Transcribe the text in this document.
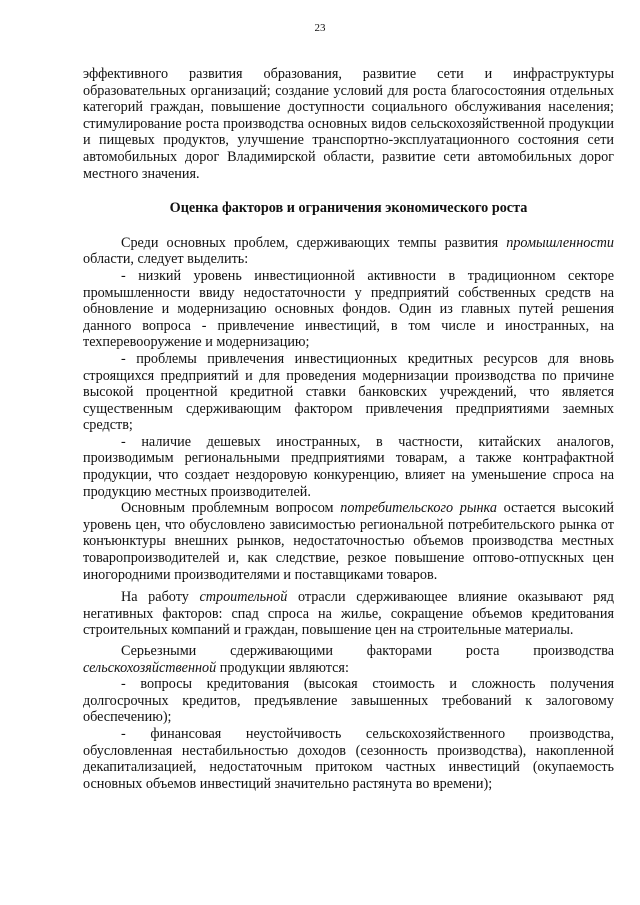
23

эффективного развития образования, развитие сети и инфраструктуры образовательных организаций; создание условий для роста благосостояния отдельных категорий граждан, повышение доступности социального обслуживания населения; стимулирование роста производства основных видов сельскохозяйственной продукции и пищевых продуктов, улучшение транспортно-эксплуатационного состояния сети автомобильных дорог Владимирской области, развитие сети автомобильных дорог местного значения.

Оценка факторов и ограничения экономического роста

Среди основных проблем, сдерживающих темпы развития промышленности области, следует выделить:

- низкий уровень инвестиционной активности в традиционном секторе промышленности ввиду недостаточности у предприятий собственных средств на обновление и модернизацию основных фондов. Один из главных путей решения данного вопроса - привлечение инвестиций, в том числе и иностранных, на техперевооружение и модернизацию;

- проблемы привлечения инвестиционных кредитных ресурсов для вновь строящихся предприятий и для проведения модернизации производства по причине высокой процентной кредитной ставки банковских учреждений, что является существенным сдерживающим фактором привлечения предприятиями заемных средств;

- наличие дешевых иностранных, в частности, китайских аналогов, производимым региональными предприятиями товарам, а также контрафактной продукции, что создает нездоровую конкуренцию, влияет на уменьшение спроса на продукцию местных производителей.

Основным проблемным вопросом потребительского рынка остается высокий уровень цен, что обусловлено зависимостью региональной потребительского рынка от конъюнктуры внешних рынков, недостаточностью объемов производства местных товаропроизводителей и, как следствие, резкое повышение оптово-отпускных цен иногородними производителями и поставщиками товаров.

На работу строительной отрасли сдерживающее влияние оказывают ряд негативных факторов: спад спроса на жилье, сокращение объемов кредитования строительных компаний и граждан, повышение цен на строительные материалы.

Серьезными сдерживающими факторами роста производства сельскохозяйственной продукции являются:

- вопросы кредитования (высокая стоимость и сложность получения долгосрочных кредитов, предъявление завышенных требований к залоговому обеспечению);

- финансовая неустойчивость сельскохозяйственного производства, обусловленная нестабильностью доходов (сезонность производства), накопленной декапитализацией, недостаточным притоком частных инвестиций (окупаемость основных объемов инвестиций значительно растянута во времени);
